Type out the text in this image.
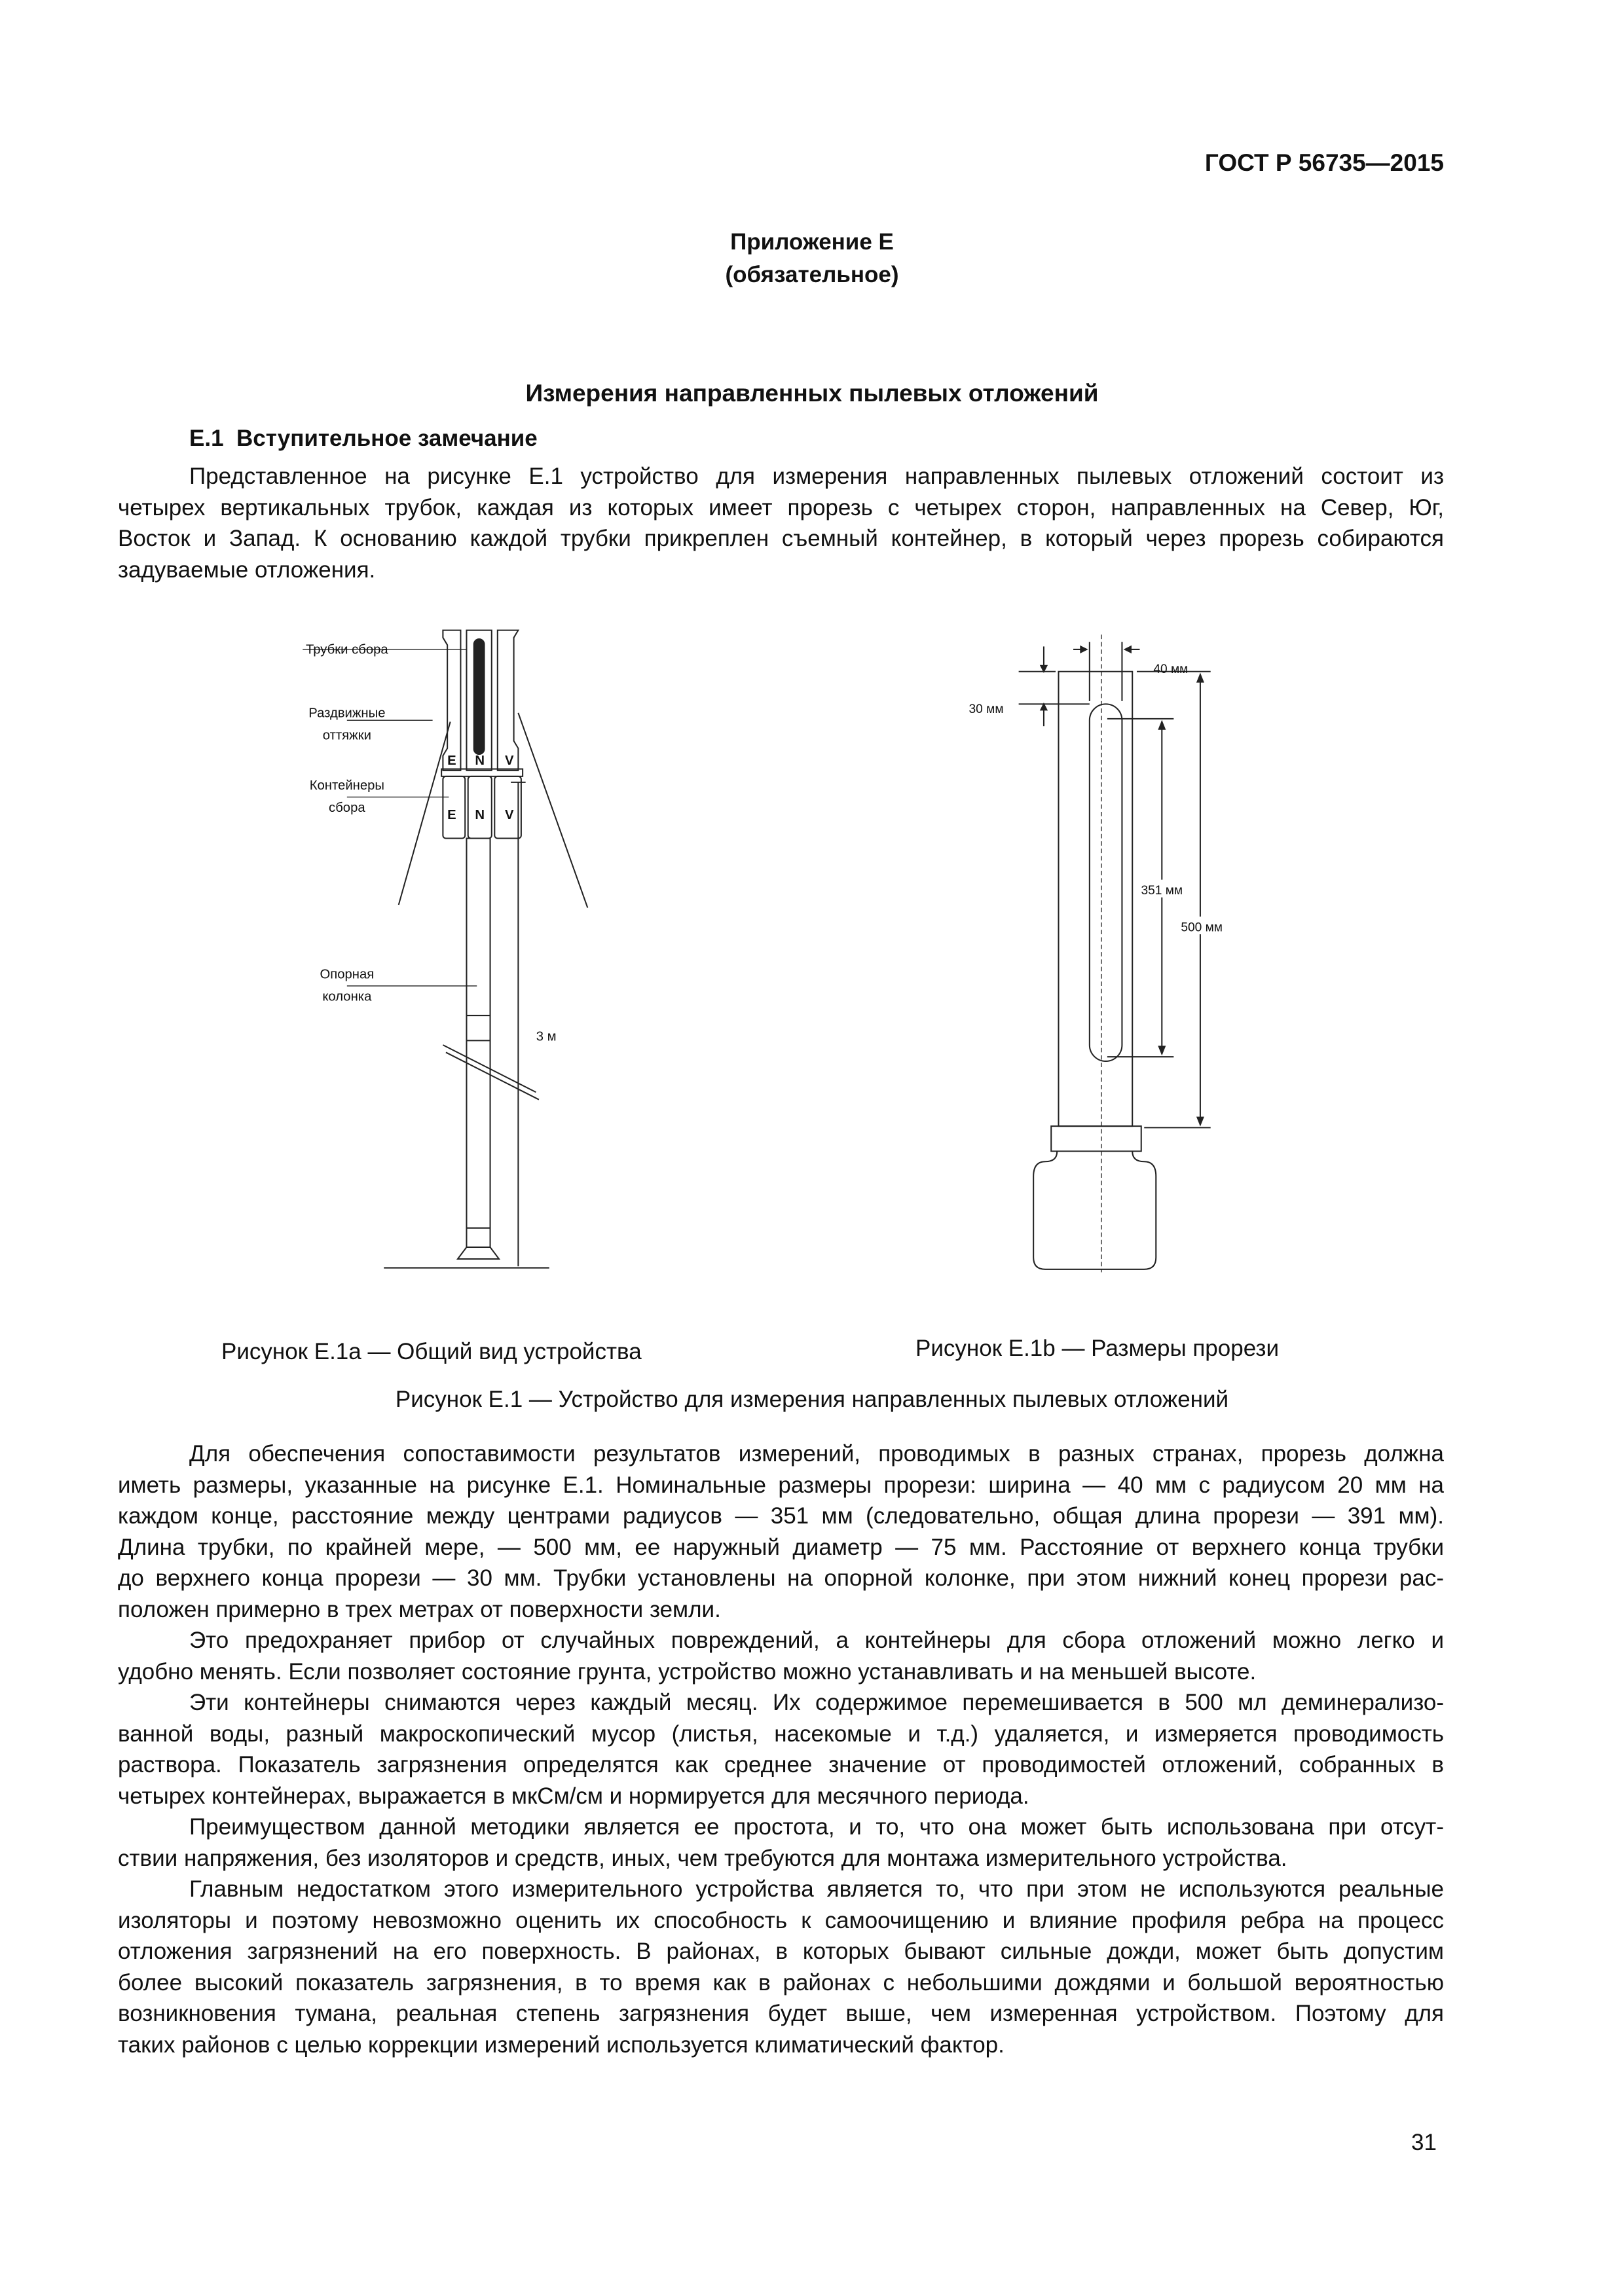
ГОСТ Р 56735—2015
Приложение Е
(обязательное)
Измерения направленных пылевых отложений
Е.1 Вступительное замечание
Представленное на рисунке Е.1 устройство для измерения направленных пылевых отложений состоит из
четырех вертикальных трубок, каждая из которых имеет прорезь с четырех сторон, направленных на Север, Юг,
Восток и Запад. К основанию каждой трубки прикреплен съемный контейнер, в который через прорезь собираются
задуваемые отложения.
Трубки сбора
Раздвижные
оттяжки
Контейнеры
сбора
Опорная
колонка
E	N	V
E	N	V
3 м
40 мм
30 мм
351 мм
500 мм
Рисунок Е.1а — Общий вид устройства	Рисунок Е.1b — Размеры прорези
Рисунок Е.1 — Устройство для измерения направленных пылевых отложений
Для обеспечения сопоставимости результатов измерений, проводимых в разных странах, прорезь должна
иметь размеры, указанные на рисунке Е.1. Номинальные размеры прорези: ширина — 40 мм с радиусом 20 мм на
каждом конце, расстояние между центрами радиусов — 351 мм (следовательно, общая длина прорези — 391 мм).
Длина трубки, по крайней мере, — 500 мм, ее наружный диаметр — 75 мм. Расстояние от верхнего конца трубки
до верхнего конца прорези — 30 мм. Трубки установлены на опорной колонке, при этом нижний конец прорези рас-
положен примерно в трех метрах от поверхности земли.
Это предохраняет прибор от случайных повреждений, а контейнеры для сбора отложений можно легко и
удобно менять. Если позволяет состояние грунта, устройство можно устанавливать и на меньшей высоте.
Эти контейнеры снимаются через каждый месяц. Их содержимое перемешивается в 500 мл деминерализо-
ванной воды, разный макроскопический мусор (листья, насекомые и т.д.) удаляется, и измеряется проводимость
раствора. Показатель загрязнения определятся как среднее значение от проводимостей отложений, собранных в
четырех контейнерах, выражается в мкСм/см и нормируется для месячного периода.
Преимуществом данной методики является ее простота, и то, что она может быть использована при отсут-
ствии напряжения, без изоляторов и средств, иных, чем требуются для монтажа измерительного устройства.
Главным недостатком этого измерительного устройства является то, что при этом не используются реальные
изоляторы и поэтому невозможно оценить их способность к самоочищению и влияние профиля ребра на процесс
отложения загрязнений на его поверхность. В районах, в которых бывают сильные дожди, может быть допустим
более высокий показатель загрязнения, в то время как в районах с небольшими дождями и большой вероятностью
возникновения тумана, реальная степень загрязнения будет выше, чем измеренная устройством. Поэтому для
таких районов с целью коррекции измерений используется климатический фактор.
31
